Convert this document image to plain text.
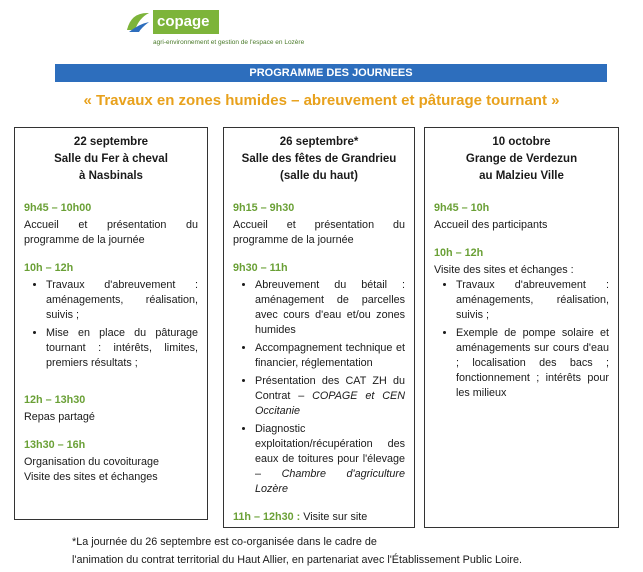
copage
agri-environnement et gestion de l'espace en Lozère
PROGRAMME DES JOURNEES
« Travaux en zones humides – abreuvement et pâturage tournant »
22 septembre
Salle du Fer à cheval
à Nasbinals
9h45 – 10h00
Accueil et présentation du programme de la journée
10h – 12h
• Travaux d'abreuvement : aménagements, réalisation, suivis ;
• Mise en place du pâturage tournant : intérêts, limites, premiers résultats ;
12h – 13h30
Repas partagé
13h30 – 16h
Organisation du covoiturage
Visite des sites et échanges
26 septembre*
Salle des fêtes de Grandrieu
(salle du haut)
9h15 – 9h30
Accueil et présentation du programme de la journée
9h30 – 11h
• Abreuvement du bétail : aménagement de parcelles avec cours d'eau et/ou zones humides
• Accompagnement technique et financier, réglementation
• Présentation des CAT ZH du Contrat – COPAGE et CEN Occitanie
• Diagnostic exploitation/récupération des eaux de toitures pour l'élevage – Chambre d'agriculture Lozère
11h – 12h30 : Visite sur site
10 octobre
Grange de Verdezun
au Malzieu Ville
9h45 – 10h
Accueil des participants
10h – 12h
Visite des sites et échanges :
• Travaux d'abreuvement : aménagements, réalisation, suivis ;
• Exemple de pompe solaire et aménagements sur cours d'eau ; localisation des bacs ; fonctionnement ; intérêts pour les milieux
*La journée du 26 septembre est co-organisée dans le cadre de
l'animation du contrat territorial du Haut Allier, en partenariat avec l'Établissement Public Loire.
